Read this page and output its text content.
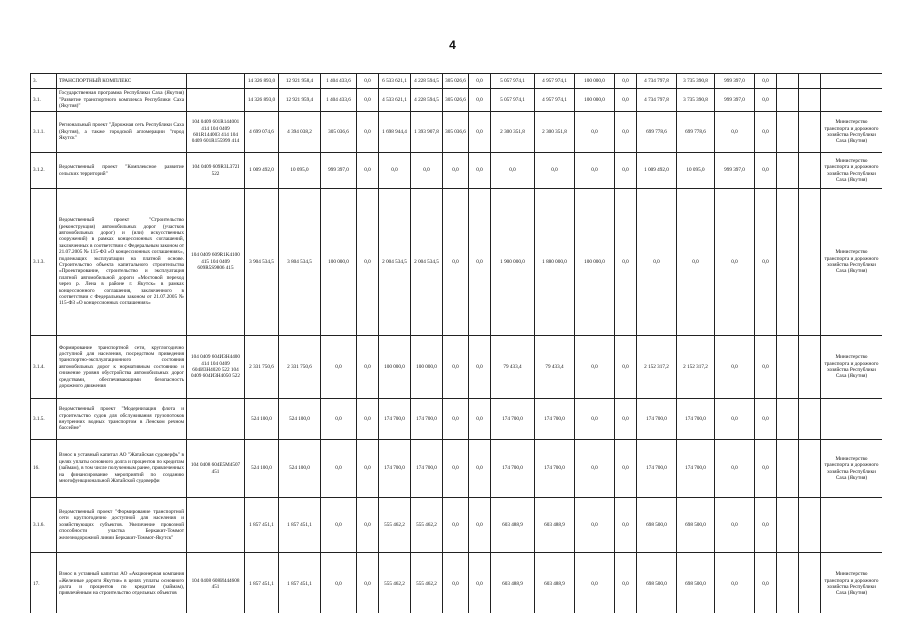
4
3.	ТРАНСПОРТНЫЙ КОМПЛЕКС		14 326 893,0	12 921 958,4	1 404 433,6	0,0	6 533 621,1	4 228 594,5	305 026,6	0,0	5 057 974,1	4 957 974,1	100 000,0	0,0	4 734 797,8	3 735 390,8	999 397,0	0,0			
3.1.	Государственная программа Республики Саха (Якутия) "Развитие транспортного комплекса Республики Саха (Якутия)"		14 326 893,0	12 921 959,4	1 404 433,6	0,0	4 533 621,1	4 228 594,5	305 026,6	0,0	5 057 974,1	4 957 974,1	100 000,0	0,0	4 734 797,8	3 735 390,8	999 397,0	0,0			
3.1.1.	Региональный проект "Дорожная сеть Республики Саха (Якутия), а также городской агломерации "город Якутск"	104 0409 601R144001 414 104 0409 601R144003 414 104 0409 601R155999 414	4 699 074,6	4 394 038,2	305 036,6	0,0	1 698 944,4	1 393 907,8	305 036,6	0,0	2 300 351,8	2 300 351,8	0,0	0,0	699 778,6	699 778,6	0,0	0,0			Министерство транспорта и дорожного хозяйства Республики Саха (Якутия)
3.1.2.	Ведомственный проект "Комплексное развитие сельских территорий"	104 0409 609R3L372I 522	1 009 492,0	10 095,0	999 397,0	0,0	0,0	0,0	0,0	0,0	0,0	0,0	0,0	0,0	1 009 492,0	10 095,0	999 397,0	0,0			Министерство транспорта и дорожного хозяйства Республики Саха (Якутия)
3.1.3.	Ведомственный проект "Строительство (реконструкция) автомобильных дорог (участков автомобильных дорог) и (или) искусственных сооружений) в рамках концессионных соглашений, заключенных в соответствии с Федеральным законом от 21.07.2005 № 115-ФЗ «О концессионных соглашениях», подлежащих эксплуатации на платной основе. Строительство объекта капитального строительства «Проектирование, строительство и эксплуатация платной автомобильной дороги «Мостовой переход через р. Лена в районе г. Якутск» в рамках концессионного соглашения, заключенного в соответствии с Федеральным законом от 21.07.2005 № 115-ФЗ «О концессионных соглашениях»	104 0409 609R1K4100 415 104 0409 609R5S9806 415	3 904 534,5	3 804 534,5	100 000,0	0,0	2 004 534,5	2 004 534,5	0,0	0,0	1 900 000,0	1 880 000,0	100 000,0	0,0	0,0	0,0	0,0	0,0			Министерство транспорта и дорожного хозяйства Республики Саха (Якутия)
3.1.4.	Формирование транспортной сети, круглогодично доступной для населения, посредством приведения транспортно-эксплуатационного состояния автомобильных дорог к нормативным состоянию и снижение уровня обустройства автомобильных дорог средствами, обеспечивающими безопасность дорожного движения	104 0409 604И3Н4400 414 104 0409 604И3Н4020 522 104 0409 604И3Н4050 522	2 331 750,6	2 331 750,6	0,0	0,0	100 000,0	100 000,0	0,0	0,0	79 433,4	79 433,4	0,0	0,0	2 152 317,2	2 152 317,2	0,0	0,0			Министерство транспорта и дорожного хозяйства Республики Саха (Якутия)
3.1.5.	Ведомственный проект "Модернизация флота и строительство судов для обслуживания грузопотоков внутренних водных транспортом в Ленском речном бассейне"		524 100,0	524 100,0	0,0	0,0	174 700,0	174 700,0	0,0	0,0	174 700,0	174 700,0	0,0	0,0	174 700,0	174 700,0	0,0	0,0			
16.	Взнос в уставный капитал АО "Жатайская судоверфь" в целях уплаты основного долга и процентов по кредитам (займам), в том числе полученным ранее, привлеченных на финансирование мероприятий по созданию многофункциональной Жатайской судоверфи	104 0408 604Е5М4507 451	524 100,0	524 100,0	0,0	0,0	174 700,0	174 700,0	0,0	0,0	174 700,0	174 700,0	0,0	0,0	174 700,0	174 700,0	0,0	0,0			Министерство транспорта и дорожного хозяйства Республики Саха (Якутия)
3.1.6.	Ведомственный проект "Формирование транспортной сети круглогодично доступной для населения и хозяйствующих субъектов. Увеличение провозной способности участка Беркакит-Томмот железнодорожной линии Беркакит-Томмот-Якутск"		1 857 451,1	1 857 451,1	0,0	0,0	555 462,2	555 462,2	0,0	0,0	603 488,9	603 488,9	0,0	0,0	698 500,0	698 500,0	0,0	0,0			
17.	Взнос в уставный капитал АО «Акционерная компания «Железные дороги Якутии» в целях уплаты основного долга и процентов по кредитам (займам), привлечённым на строительство отдельных объектов	104 0408 608И444608 451	1 857 451,1	1 857 451,1	0,0	0,0	555 462,2	555 462,2	0,0	0,0	603 488,9	603 488,9	0,0	0,0	698 500,0	698 500,0	0,0	0,0			Министерство транспорта и дорожного хозяйства Республики Саха (Якутия)
